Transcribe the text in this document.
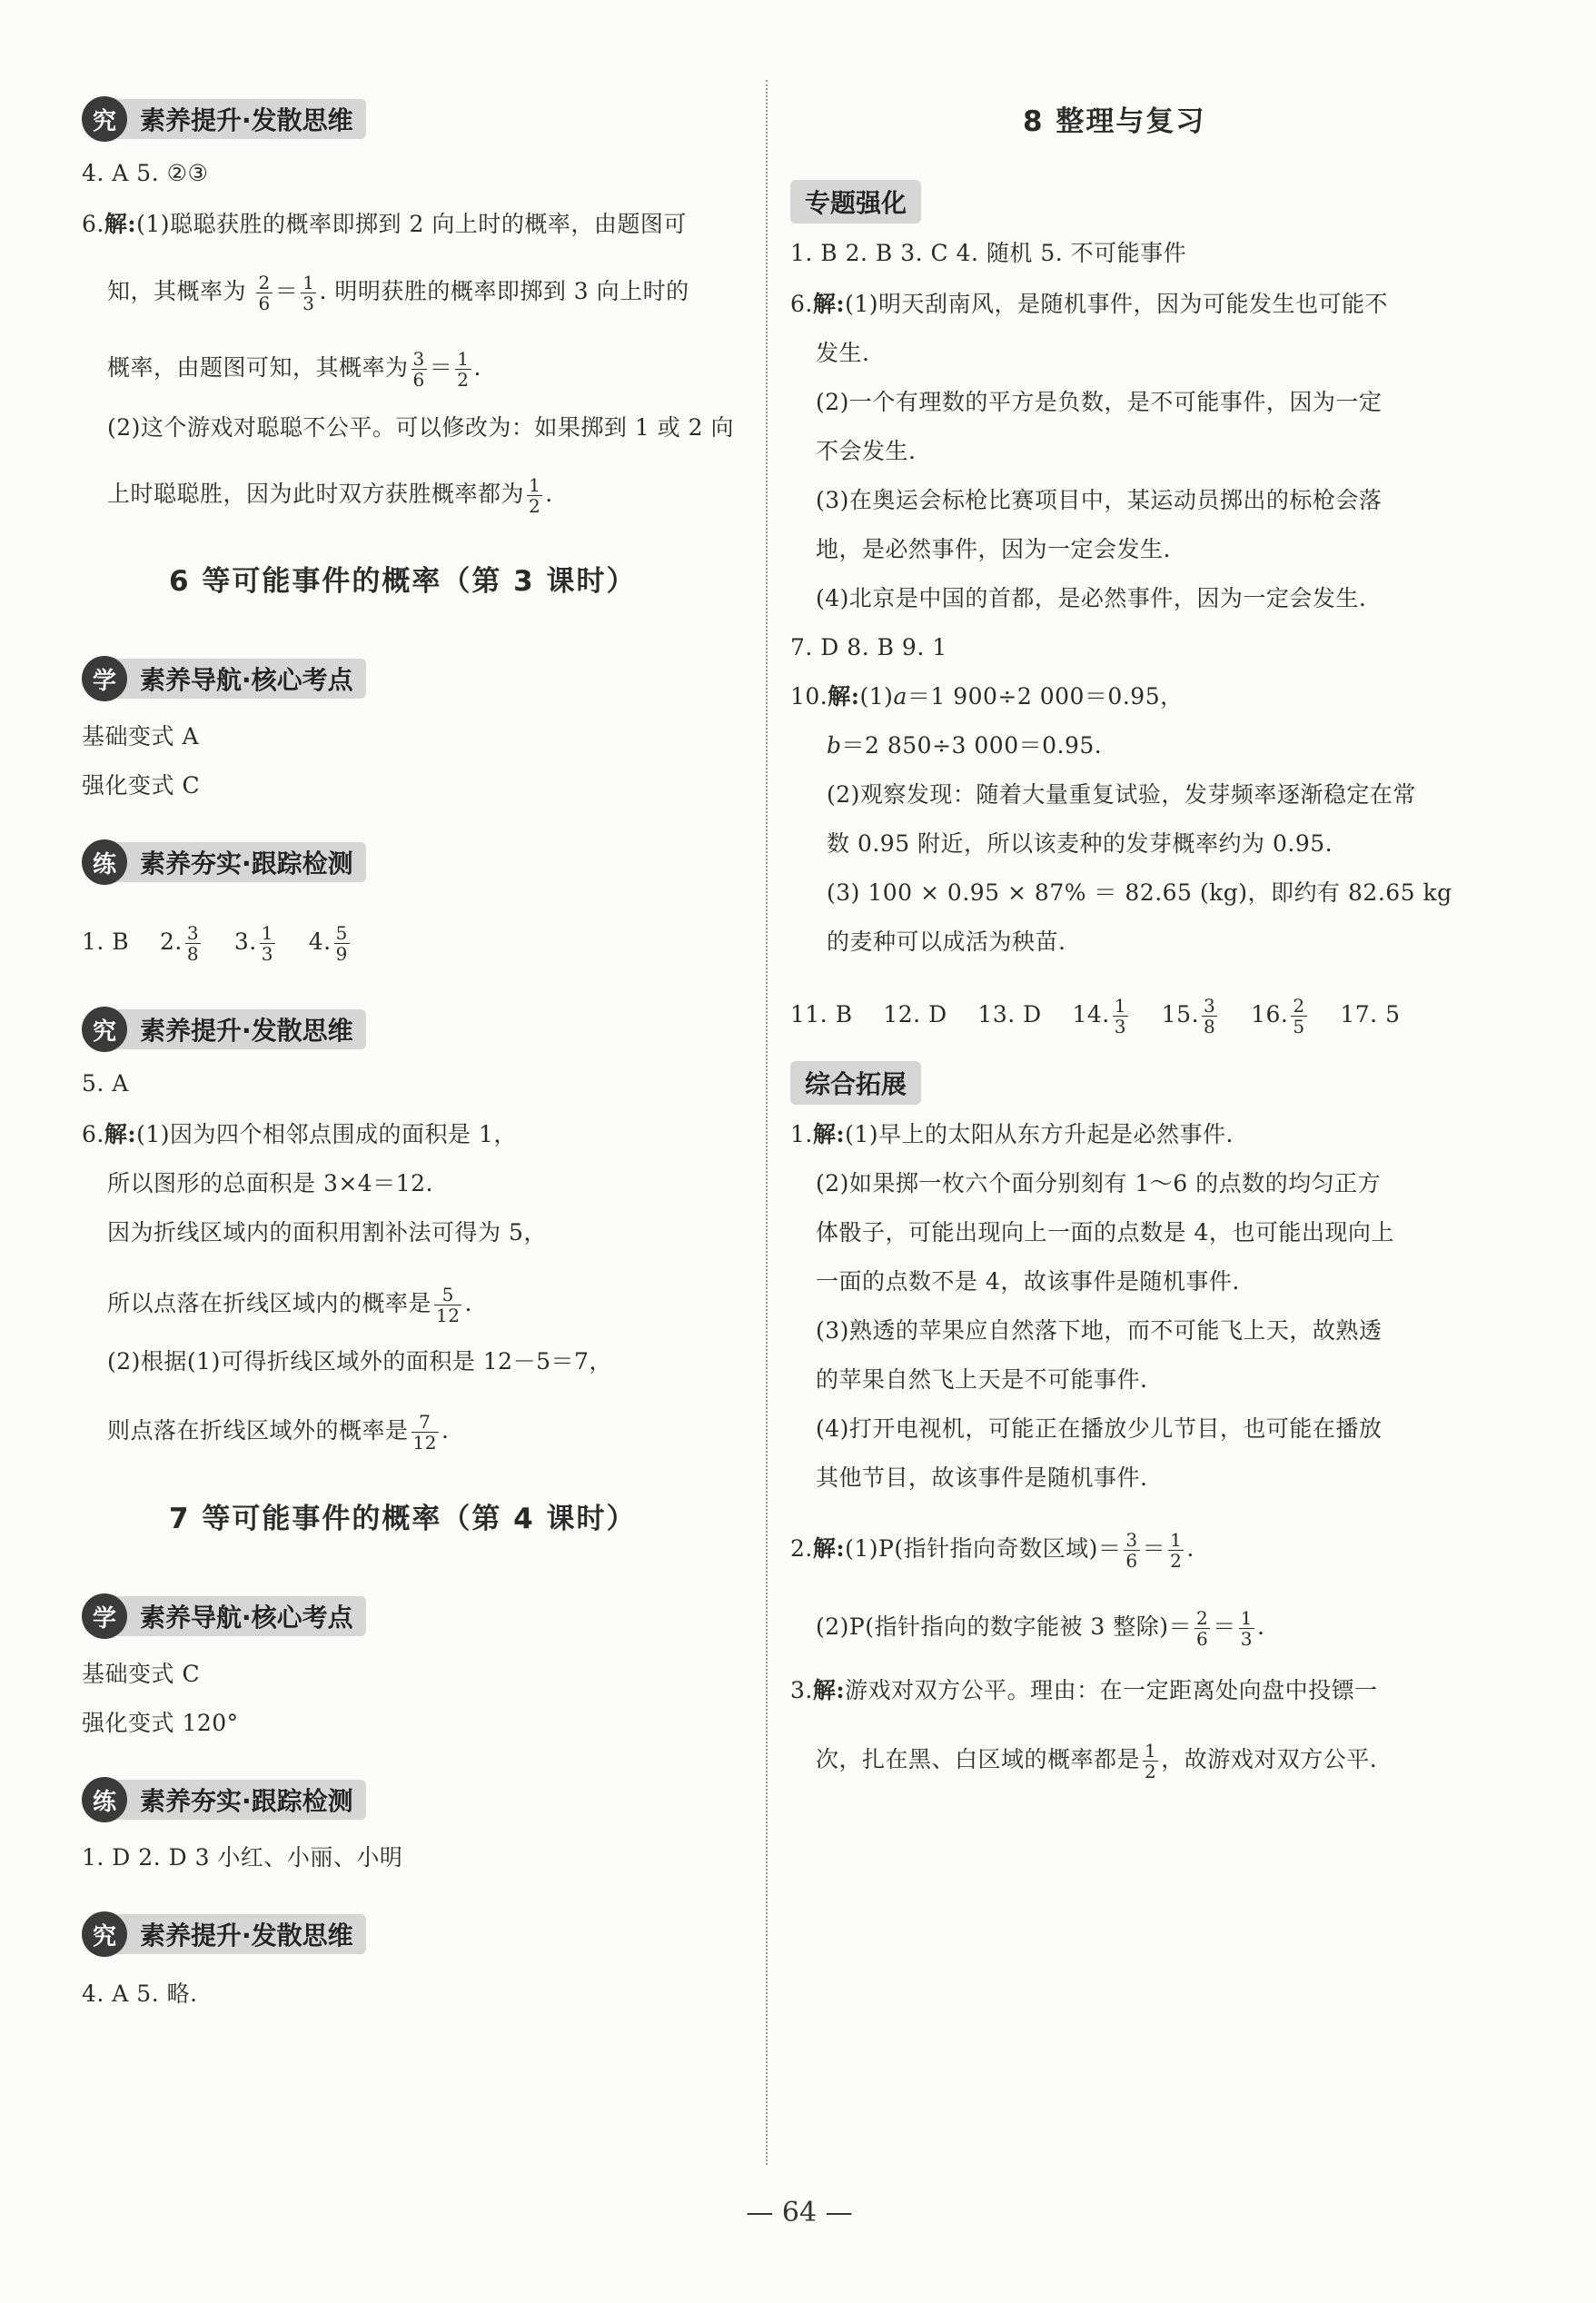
究 素养提升·发散思维
4. A 5. ②③
6.解:(1)聪聪获胜的概率即掷到 2 向上时的概率，由题图可
知，其概率为 $\frac{2}{6} = \frac{1}{3}$ . 明明获胜的概率即掷到 3 向上时的
概率，由题图可知，其概率为 $\frac{3}{6} = \frac{1}{2}$ .
(2)这个游戏对聪聪不公平。可以修改为：如果掷到 1 或 2 向
上时聪聪胜，因为此时双方获胜概率都为 $\frac{1}{2}$ .
6 等可能事件的概率（第 3 课时）
学 素养导航·核心考点
基础变式 A
强化变式 C
练 素养夯实·跟踪检测
1. B 2. $\frac{3}{8} 3$. $\frac{1}{3} 4$. $\frac{5}{9}$
究 素养提升·发散思维
5. A
6.解:(1)因为四个相邻点围成的面积是 1，
所以图形的总面积是 3×4＝12.
因为折线区域内的面积用割补法可得为 5，
所以点落在折线区域内的概率是 $\frac{5}{12}$ .
(2)根据(1)可得折线区域外的面积是 12－5＝7，
则点落在折线区域外的概率是 $\frac{7}{12}$ .
7 等可能事件的概率（第 4 课时）
学 素养导航·核心考点
基础变式 C
强化变式 120°
练 素养夯实·跟踪检测
1. D 2. D 3 小红、小丽、小明
究 素养提升·发散思维
4. A 5. 略.
8 整理与复习
专题强化
1. B 2. B 3. C 4. 随机 5. 不可能事件
6.解:(1)明天刮南风，是随机事件，因为可能发生也可能不
发生.
(2)一个有理数的平方是负数，是不可能事件，因为一定
不会发生.
(3)在奥运会标枪比赛项目中，某运动员掷出的标枪会落
地，是必然事件，因为一定会发生.
(4)北京是中国的首都，是必然事件，因为一定会发生.
7. D 8. B 9. 1
10.解:(1)a＝1 900÷2 000＝0.95，
b＝2 850÷3 000＝0.95.
(2)观察发现：随着大量重复试验，发芽频率逐渐稳定在常
数 0.95 附近，所以该麦种的发芽概率约为 0.95.
(3) 100 × 0.95 × 87% ＝ 82.65 (kg)，即约有 82.65 kg
的麦种可以成活为秧苗.
11. B 12. D 13. D 14. $\frac{1}{3} 15$. $\frac{3}{8} 16$. $\frac{2}{5} 17$. 5
综合拓展
1.解:(1)早上的太阳从东方升起是必然事件.
(2)如果掷一枚六个面分别刻有 1～6 的点数的均匀正方
体骰子，可能出现向上一面的点数是 4，也可能出现向上
一面的点数不是 4，故该事件是随机事件.
(3)熟透的苹果应自然落下地，而不可能飞上天，故熟透
的苹果自然飞上天是不可能事件.
(4)打开电视机，可能正在播放少儿节目，也可能在播放
其他节目，故该事件是随机事件.
2.解:(1)P(指针指向奇数区域)＝ $\frac{3}{6} = \frac{1}{2}$ .
(2)P(指针指向的数字能被 3 整除)＝ $\frac{2}{6} = \frac{1}{3}$ .
3.解:游戏对双方公平。理由：在一定距离处向盘中投镖一
次，扎在黑、白区域的概率都是 $\frac{1}{2}$ ，故游戏对双方公平.
— 64 —
